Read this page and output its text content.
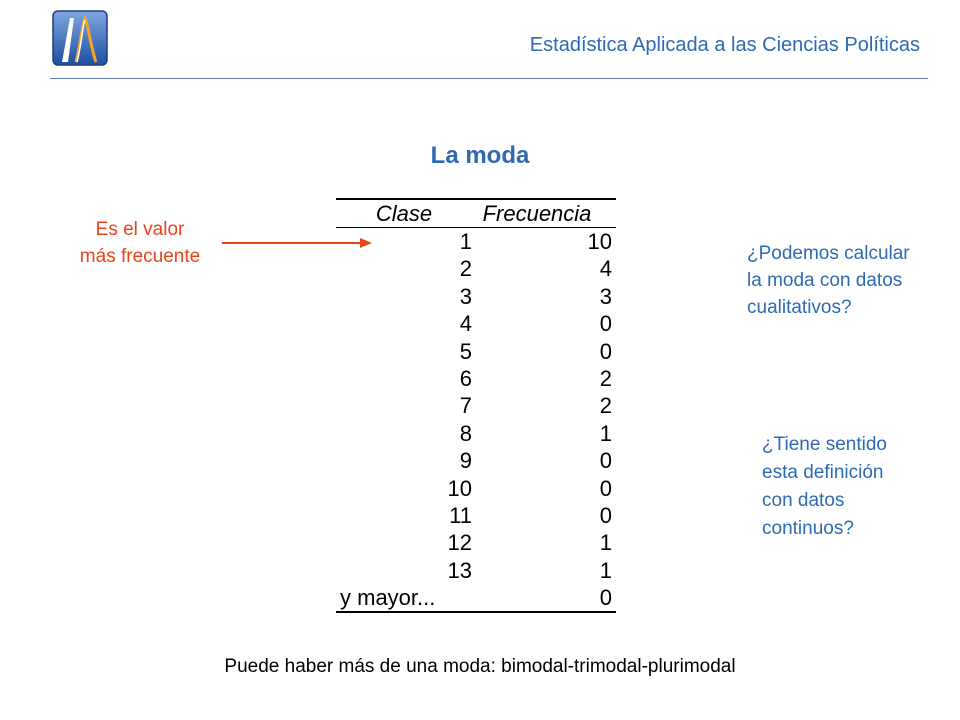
Estadística Aplicada a las Ciencias Políticas
La moda
Es el valor
más frecuente
Clase	Frecuencia
1	10
2	4
3	3
4	0
5	0
6	2
7	2
8	1
9	0
10	0
11	0
12	1
13	1
y mayor...	0
¿Podemos calcular
la moda con datos
cualitativos?
¿Tiene sentido
esta definición
con datos
continuos?
Puede haber más de una moda: bimodal-trimodal-plurimodal
